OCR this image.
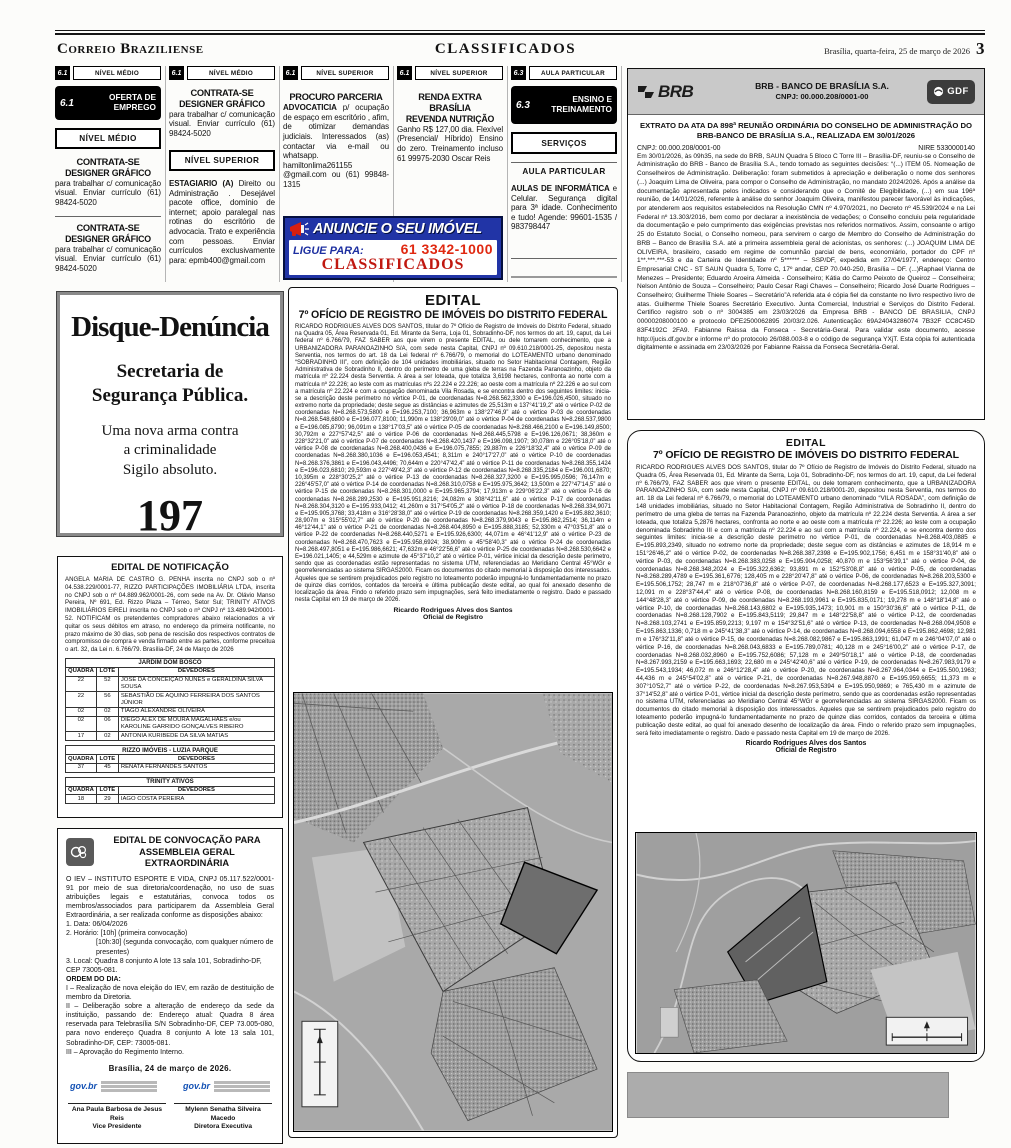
Correio Braziliense	CLASSIFICADOS	Brasília, quarta-feira, 25 de março de 2026 3
6.1	NÍVEL MÉDIO	6.1	NÍVEL MÉDIO	6.1	NÍVEL SUPERIOR	6.1	NÍVEL SUPERIOR	6.3	AULA PARTICULAR
6.1
OFERTA DE EMPREGO
NÍVEL MÉDIO
CONTRATA-SE
DESIGNER GRÁFICO
para trabalhar c/ comunicação visual. Enviar currículo (61) 98424-5020
CONTRATA-SE
DESIGNER GRÁFICO
para trabalhar c/ comunicação visual. Enviar currículo (61) 98424-5020
CONTRATA-SE
DESIGNER GRÁFICO
para trabalhar c/ comunicação visual. Enviar currículo (61) 98424-5020
NÍVEL SUPERIOR
ESTAGIARIO (A) Direito ou Administração . Desejável pacote office, domínio de internet; apoio paralegal nas rotinas do escritório de advocacia. Trato e experiência com pessoas. Enviar currículos exclusivamente para: epmb400@gmail.com
PROCURO PARCERIA
ADVOCATICIA p/ ocupação de espaço em escritório , afim, de otimizar demandas judiciais. Interessados (as) contactar via e-mail ou whatsapp. hamiltonlima261155 @gmail.com ou (61) 99848-1315
RENDA EXTRA BRASÍLIA
REVENDA NUTRIÇÃO
Ganho R$ 127,00 dia. Flexível (Presencial/ Híbrido) Ensino do zero. Treinamento incluso 61 99975-2030 Oscar Reis
ANUNCIE O SEU IMÓVEL
LIGUE PARA:	61 3342-1000
CLASSIFICADOS
6.3
ENSINO E TREINAMENTO
SERVIÇOS
AULA PARTICULAR
AULAS DE INFORMÁTICA e Celular. Segurança digital para 3ª idade. Conhecimento e tudo! Agende: 99601-1535 / 983798447
Disque-Denúncia
Secretaria de
Segurança Pública.
Uma nova arma contra
a criminalidade
Sigilo absoluto.
197
EDITAL DE NOTIFICAÇÃO
ANGELA MARIA DE CASTRO G. PENHA inscrita no CNPJ sob o nº 04.538.229/0001-77, RIZZO PARTICIPAÇÕES IMOBILIÁRIA LTDA, inscrita no CNPJ sob o nº 04.889.962/0001-26, com sede na Av. Dr. Olávio Manso Pereira, Nº 691, Ed. Rizzo Plaza – Térreo, Setor Sul; TRINITY ATIVOS IMOBILIÁRIOS EIRELI inscrita no CNPJ sob o nº CNPJ nº 13.489.942/0001-52. NOTIFICAM os pretendentes compradores abaixo relacionados a vir quitar os seus débitos em atraso, no endereço da primeira notificante, no prazo máximo de 30 dias, sob pena de rescisão dos respectivos contratos de compromisso de compra e venda firmado entre as partes, conforme preceitua o art. 32, da Lei n. 6.766/79. Brasília-DF, 24 de Março de 2026
JARDIM DOM BOSCO		
QUADRA	LOTE	DEVEDORES
22	52	JOSÉ DA CONCEIÇÃO NUNES e GERALDINA SILVA SOUSA
22	56	SEBASTIÃO DE AQUINO FERREIRA DOS SANTOS JÚNIOR
02	02	TIAGO ALEXANDRE OLIVEIRA
02	06	DIEGO ALEX DE MOURA MAGALHÃES e/ou KAROLINE GARRIDO GONÇALVES RIBEIRO
17	02	ANTONIA KURIBEDE DA SILVA MATIAS
RIZZO IMÓVEIS - LUZIA PARQUE		
QUADRA	LOTE	DEVEDORES
37	45	RENATA FERNANDES SANTOS
TRINITY ATIVOS		
QUADRA	LOTE	DEVEDORES
18	29	IAGO COSTA PEREIRA
EDITAL DE CONVOCAÇÃO PARA
ASSEMBLEIA GERAL EXTRAORDINÁRIA
O IEV – INSTITUTO ESPORTE E VIDA, CNPJ 05.117.522/0001-91 por meio de sua diretoria/coordenação, no uso de suas atribuições legais e estatutárias, convoca todos os membros/associados para participarem da Assembleia Geral Extraordinária, a ser realizada conforme as disposições abaixo:
1. Data: 06/04/2026
2. Horário: [10h] (primeira convocação)
[10h:30] (segunda convocação, com qualquer número de presentes)
3. Local: Quadra 8 conjunto A lote 13 sala 101, Sobradinho-DF, CEP 73005-081.
ORDEM DO DIA:
I – Realização de nova eleição do IEV, em razão de destituição de membro da Diretoria.
II – Deliberação sobre a alteração de endereço da sede da instituição, passando de: Endereço atual: Quadra 8 área reservada para Telebrasília S/N Sobradinho-DF, CEP 73.005-080, para novo endereço Quadra 8 conjunto A lote 13 sala 101, Sobradinho-DF, CEP: 73005-081.
III – Aprovação do Regimento Interno.
Brasília, 24 de março de 2026.
gov.br	gov.br
Ana Paula Barbosa de Jesus Reis
Vice Presidente
Mylenn Senatha Silveira Macedo
Diretora Executiva
EDITAL
7º OFÍCIO DE REGISTRO DE IMÓVEIS DO DISTRITO FEDERAL
RICARDO RODRIGUES ALVES DOS SANTOS, titular do 7º Ofício de Registro de Imóveis do Distrito Federal, situado na Quadra 05, Área Reservada 01, Ed. Mirante da Serra, Loja 01, Sobradinho-DF, nos termos do art. 19, caput, da Lei federal nº 6.766/79, FAZ SABER aos que virem o presente EDITAL, ou dele tomarem conhecimento, que a URBANIZADORA PARANOAZINHO S/A, com sede nesta Capital, CNPJ nº 09.610.218/0001-25, depositou nesta Serventia, nos termos do art. 18 da Lei federal nº 6.766/79, o memorial do LOTEAMENTO urbano denominado “SOBRADINHO III”, com definição de 104 unidades imobiliárias, situado no Setor Habitacional Contagem, Região Administrativa de Sobradinho II, dentro do perímetro de uma gleba de terras na Fazenda Paranoazinho, objeto da matrícula nº 22.224 desta Serventia. A área a ser loteada, que totaliza 3,6198 hectares, confronta ao norte com a matrícula nº 22.226; ao leste com as matrículas nºs 22.224 e 22.226; ao oeste com a matrícula nº 22.226 e ao sul com a matrícula nº 22.224 e com a ocupação denominada Vila Rosada, e se encontra dentro dos seguintes limites: inicia-se a descrição deste perímetro no vértice P-01, de coordenadas N=8.268.562,3300 e E=196.026,4500, situado no extremo norte da propriedade; deste segue as distâncias e azimutes de 25,513m e 137°41'19,2” até o vértice P-02 de coordenadas N=8.268.573,5800 e E=196.253,7100; 36,963m e 138°27'46,9” até o vértice P-03 de coordenadas N=8.268.548,6800 e E=196.077,8100; 11,990m e 138°29'09,0” até o vértice P-04 de coordenadas N=8.268.537,9800 e E=196.085,8790; 96,091m e 138°17'03,5” até o vértice P-05 de coordenadas N=8.268.466,2100 e E=196.149,8500; 30,792m e 227°57'42,5” até o vértice P-06 de coordenadas N=8.268.445,5798 e E=196.126,0671; 38,360m e 228°32'21,0” até o vértice P-07 de coordenadas N=8.268.420,1437 e E=196.098,1907; 30,078m e 226°05'18,0” até o vértice P-08 de coordenadas N=8.268.400,0436 e E=196.075,7855; 29,887m e 226°18'32,4” até o vértice P-09 de coordenadas N=8.268.380,1036 e E=196.053,4541; 8,311m e 240°17'27,0” até o vértice P-10 de coordenadas N=8.268.376,3861 e E=196.043,4496; 70,644m e 220°47'42,4” até o vértice P-11 de coordenadas N=8.268.355,1424 e E=196.023,6810; 29,593m e 227°49'42,3” até o vértice P-12 de coordenadas N=8.268.335,2184 e E=196.001,6870; 10,395m e 228°30'25,2” até o vértice P-13 de coordenadas N=8.268.327,3200 e E=195.995,0596; 76,147m e 226°45'57,0” até o vértice P-14 de coordenadas N=8.268.310,0758 e E=195.975,3642; 13,500m e 227°47'14,5” até o vértice P-15 de coordenadas N=8.268.301,0000 e E=195.965,3794; 17,913m e 229°06'22,3” até o vértice P-16 de coordenadas N=8.268.289,2530 e E=195.951,8216; 24,082m e 308°42'11,6” até o vértice P-17 de coordenadas N=8.268.304,3120 e E=195.933,0412; 41,260m e 317°54'05,2” até o vértice P-18 de coordenadas N=8.268.334,9071 e E=195.905,3768; 33,418m e 316°28'38,0” até o vértice P-19 de coordenadas N=8.268.359,1420 e E=195.882,3610; 28,907m e 315°55'02,7” até o vértice P-20 de coordenadas N=8.268.379,9043 e E=195.862,2514; 36,114m e 46°12'44,1” até o vértice P-21 de coordenadas N=8.268.404,8950 e E=195.888,3185; 52,330m e 47°03'51,8” até o vértice P-22 de coordenadas N=8.268.440,5271 e E=195.926,6300; 44,071m e 46°41'12,9” até o vértice P-23 de coordenadas N=8.268.470,7623 e E=195.958,6924; 38,909m e 45°58'40,3” até o vértice P-24 de coordenadas N=8.268.497,8051 e E=195.986,6621; 47,632m e 46°22'56,6” até o vértice P-25 de coordenadas N=8.268.530,6642 e E=196.021,1405; e 44,529m e azimute de 45°37'10,2” até o vértice P-01, vértice inicial da descrição deste perímetro, sendo que as coordenadas estão representadas no sistema UTM, referenciadas ao Meridiano Central 45°WGr e georreferenciadas ao sistema SIRGAS2000. Ficam os documentos do citado memorial à disposição dos interessados. Aqueles que se sentirem prejudicados pelo registro no loteamento poderão impugná-lo fundamentadamente no prazo de quinze dias corridos, contados da terceira e última publicação deste edital, ao qual foi anexado desenho de localização da área. Findo o referido prazo sem impugnações, será feito imediatamente o registro. Dado e passado nesta Capital em 19 de março de 2026.
Ricardo Rodrigues Alves dos Santos
Oficial de Registro
BRB	BRB - BANCO DE BRASÍLIA S.A.
CNPJ: 00.000.208/0001-00	GDF
EXTRATO DA ATA DA 898ª REUNIÃO ORDINÁRIA DO CONSELHO DE ADMINISTRAÇÃO DO BRB-BANCO DE BRASÍLIA S.A., REALIZADA EM 30/01/2026
CNPJ: 00.000.208/0001-00	NIRE 5330000140
Em 30/01/2026, às 09h35, na sede do BRB, SAUN Quadra 5 Bloco C Torre III – Brasília-DF, reuniu-se o Conselho de Administração do BRB - Banco de Brasília S.A., tendo tomado as seguintes decisões: “(...) ITEM 05. Nomeação de Conselheiros de Administração. Deliberação: foram submetidos à apreciação e deliberação o nome dos senhores (...) Joaquim Lima de Oliveira, para compor o Conselho de Administração, no mandato 2024/2026. Após a análise da documentação apresentada pelos indicados e considerando que o Comitê de Elegibilidade, (...) em sua 196ª reunião, de 14/01/2026, referente à análise do senhor Joaquim Oliveira, manifestou parecer favorável às indicações, por atenderem aos requisitos estabelecidos na Resolução CMN nº 4.970/2021, no Decreto nº 45.539/2024 e na Lei Federal nº 13.303/2016, bem como por declarar a inexistência de vedações; o Conselho concluiu pela regularidade da documentação e pelo cumprimento das exigências previstas nos referidos normativos. Assim, consoante o artigo 25 do Estatuto Social, o Conselho nomeou, para servirem o cargo de Membro do Conselho de Administração do BRB – Banco de Brasília S.A. até a primeira assembleia geral de acionistas, os senhores: (...) JOAQUIM LIMA DE OLIVEIRA, brasileiro, casado em regime de comunhão parcial de bens, economiário, portador do CPF nº 1**.***.***-53 e da Carteira de Identidade nº 5****** – SSP/DF, expedida em 27/04/1977, endereço: Centro Empresarial CNC - ST SAUN Quadra 5, Torre C, 17º andar, CEP 70.040-250, Brasília – DF. (...)Raphael Vianna de Menezes – Presidente; Eduardo Aroeira Almeida - Conselheiro; Kátia do Carmo Peixoto de Queiroz – Conselheira; Nelson Antônio de Souza – Conselheiro; Paulo Cesar Ragi Chaves – Conselheiro; Ricardo José Duarte Rodrigues – Conselheiro; Guilherme Thiele Soares – Secretário”A referida ata é cópia fiel da constante no livro respectivo livro de atas. Guilherme Thiele Soares Secretário Executivo. Junta Comercial, Industrial e Serviços do Distrito Federal. Certifico registro sob o nº 3004385 em 23/03/2026 da Empresa BRB - BANCO DE BRASILIA, CNPJ 00000208000100 e protocolo DFE2500062895 20/03/2.026. Autenticação: 69A24043286074 7B32F CC8C45D 83F4192C 2FA9. Fabianne Raissa da Fonseca - Secretária-Geral. Para validar este documento, acesse http://jucis.df.gov.br e informe nº do protocolo 26/088.003-8 e o código de segurança YXjT. Esta cópia foi autenticada digitalmente e assinada em 23/03/2026 por Fabianne Raissa da Fonseca Secretária-Geral.
EDITAL
7º OFÍCIO DE REGISTRO DE IMÓVEIS DO DISTRITO FEDERAL
RICARDO RODRIGUES ALVES DOS SANTOS, titular do 7º Ofício de Registro de Imóveis do Distrito Federal, situado na Quadra 05, Área Reservada 01, Ed. Mirante da Serra, Loja 01, Sobradinho-DF, nos termos do art. 19, caput, da Lei federal nº 6.766/79, FAZ SABER aos que virem o presente EDITAL, ou dele tomarem conhecimento, que a URBANIZADORA PARANOAZINHO S/A, com sede nesta Capital, CNPJ nº 09.610.218/0001-20, depositou nesta Serventia, nos termos do art. 18 da Lei federal nº 6.766/79, o memorial do LOTEAMENTO urbano denominado “VILA ROSADA”, com definição de 148 unidades imobiliárias, situado no Setor Habitacional Contagem, Região Administrativa de Sobradinho II, dentro do perímetro de uma gleba de terras na Fazenda Paranoazinho, objeto da matrícula nº 22.224 desta Serventia. A área a ser loteada, que totaliza 5,2876 hectares, confronta ao norte e ao oeste com a matrícula nº 22.226; ao leste com a ocupação denominada Sobradinho III e com a matrícula nº 22.224 e ao sul com a matrícula nº 22.224, e se encontra dentro dos seguintes limites: inicia-se a descrição deste perímetro no vértice P-01, de coordenadas N=8.268.403,0885 e E=195.893,2349, situado no extremo norte da propriedade; deste segue com as distâncias e azimutes de 18,914 m e 151°26'46,2” até o vértice P-02, de coordenadas N=8.268.387,2398 e E=195.902,1756; 6,451 m e 158°31'40,8” até o vértice P-03, de coordenadas N=8.268.383,0258 e E=195.904,0258; 40,870 m e 153°56'39,1” até o vértice P-04, de coordenadas N=8.268.348,2024 e E=195.322,6362; 93,891 m e 152°53'08,8” até o vértice P-05, de coordenadas N=8.268.289,4789 e E=195.361,6776; 128,405 m e 228°20'47,8” até o vértice P-06, de coordenadas N=8.268.203,5300 e E=195.506,1752; 28,747 m e 218°07'36,8” até o vértice P-07, de coordenadas N=8.268.177,6523 e E=195.327,3091; 12,091 m e 228°37'44,4” até o vértice P-08, de coordenadas N=8.268.160,8159 e E=195.518,0912; 12,008 m e 144°48'28,3” até o vértice P-09, de coordenadas N=8.268.193,9961 e E=195.835,0171; 19,278 m e 148°18'14,8” até o vértice P-10, de coordenadas N=8.268.143,6802 e E=195.935,1473; 10,901 m e 150°30'36,6” até o vértice P-11, de coordenadas N=8.268.128,7902 e E=195.843,5119; 29,847 m e 148°22'58,8” até o vértice P-12, de coordenadas N=8.268.103,2741 e E=195.859,2213; 9,197 m e 154°32'51,6” até o vértice P-13, de coordenadas N=8.268.094,9508 e E=195.863,1336; 0,718 m e 245°41'38,3” até o vértice P-14, de coordenadas N=8.268.094,6558 e E=195.862,4698; 12,981 m e 176°32'11,8” até o vértice P-15, de coordenadas N=8.268.082,9867 e E=195.863,1991; 61,047 m e 246°04'07,0” até o vértice P-16, de coordenadas N=8.268.043,6833 e E=195.789,0781; 40,128 m e 245°16'00,2” até o vértice P-17, de coordenadas N=8.268.032,8960 e E=195.752,6086; 57,128 m e 249°50'18,1” até o vértice P-18, de coordenadas N=8.267.993,2159 e E=195.663,1693; 22,680 m e 245°42'40,6” até o vértice P-19, de coordenadas N=8.267.983,9179 e E=195.543,1934; 46,072 m e 246°12'28,4” até o vértice P-20, de coordenadas N=8.267.964,0344 e E=195.500,1963; 44,436 m e 245°54'02,8” até o vértice P-21, de coordenadas N=8.267.948,8870 e E=195.959,6655; 11,373 m e 307°10'52,7” até o vértice P-22, de coordenadas N=8.267.953,5394 e E=195.950,9869; e 765,430 m e azimute de 37°14'52,8” até o vértice P-01, vértice inicial da descrição deste perímetro, sendo que as coordenadas estão representadas no sistema UTM, referenciadas ao Meridiano Central 45°WGr e georreferenciadas ao sistema SIRGAS2000. Ficam os documentos do citado memorial à disposição dos interessados. Aqueles que se sentirem prejudicados pelo registro do loteamento poderão impugná-lo fundamentadamente no prazo de quinze dias corridos, contados da terceira e última publicação deste edital, ao qual foi anexado desenho de localização da área. Findo o referido prazo sem impugnações, será feito imediatamente o registro. Dado e passado nesta Capital em 19 de março de 2026.
Ricardo Rodrigues Alves dos Santos
Oficial de Registro
